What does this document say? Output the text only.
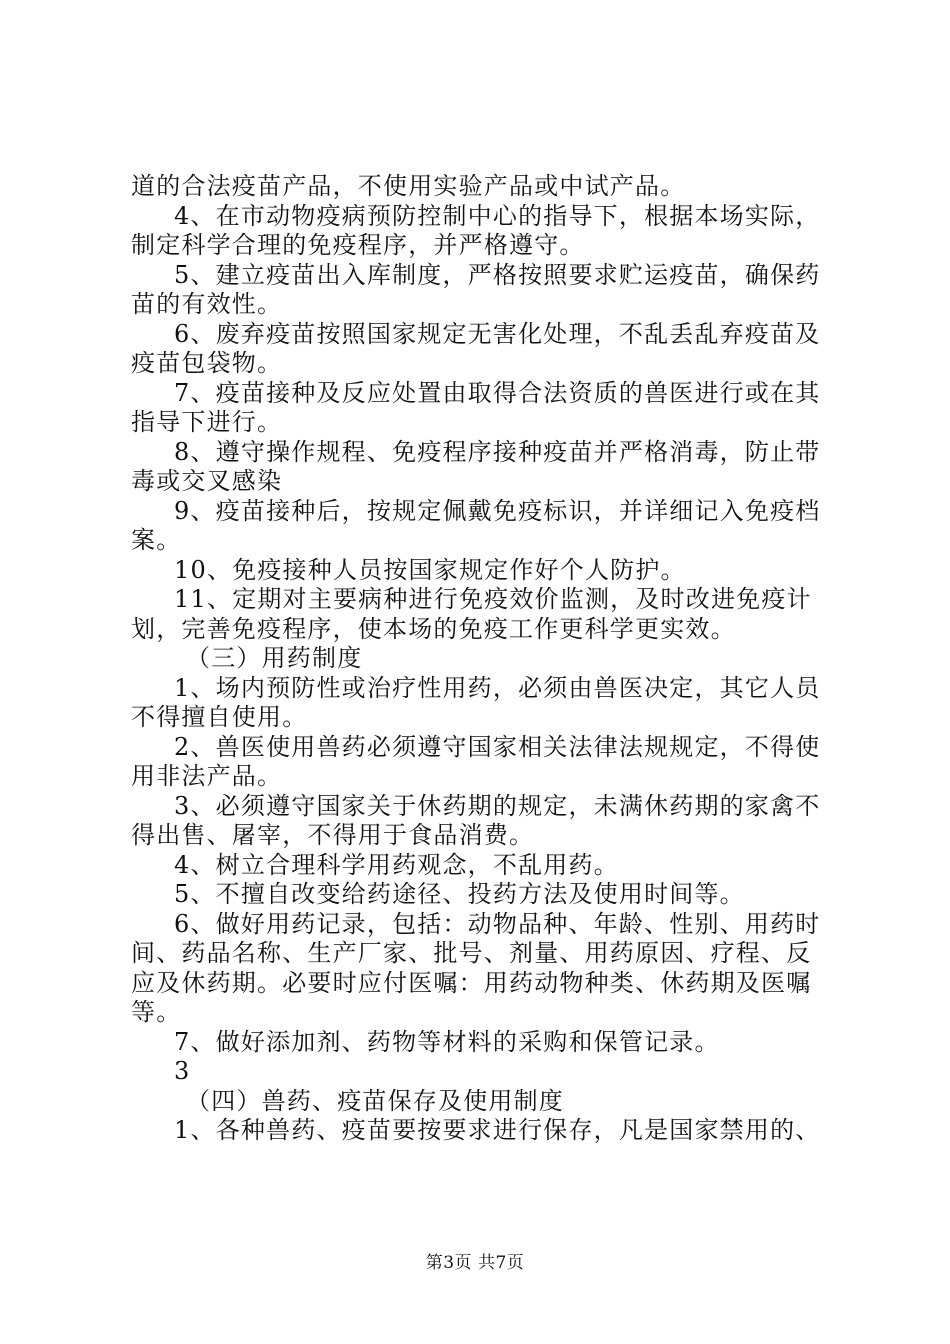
道的合法疫苗产品，不使用实验产品或中试产品。

4、在市动物疫病预防控制中心的指导下，根据本场实际，

制定科学合理的免疫程序，并严格遵守。

5、建立疫苗出入库制度，严格按照要求贮运疫苗，确保药

苗的有效性。

6、废弃疫苗按照国家规定无害化处理，不乱丢乱弃疫苗及

疫苗包袋物。

7、疫苗接种及反应处置由取得合法资质的兽医进行或在其

指导下进行。

8、遵守操作规程、免疫程序接种疫苗并严格消毒，防止带

毒或交叉感染

9、疫苗接种后，按规定佩戴免疫标识，并详细记入免疫档

案。

10、免疫接种人员按国家规定作好个人防护。

11、定期对主要病种进行免疫效价监测，及时改进免疫计

划，完善免疫程序，使本场的免疫工作更科学更实效。

（三）用药制度

1、场内预防性或治疗性用药，必须由兽医决定，其它人员

不得擅自使用。

2、兽医使用兽药必须遵守国家相关法律法规规定，不得使

用非法产品。

3、必须遵守国家关于休药期的规定，未满休药期的家禽不

得出售、屠宰，不得用于食品消费。

4、树立合理科学用药观念，不乱用药。

5、不擅自改变给药途径、投药方法及使用时间等。

6、做好用药记录，包括：动物品种、年龄、性别、用药时

间、药品名称、生产厂家、批号、剂量、用药原因、疗程、反

应及休药期。必要时应付医嘱：用药动物种类、休药期及医嘱

等。

7、做好添加剂、药物等材料的采购和保管记录。

3

（四）兽药、疫苗保存及使用制度

1、各种兽药、疫苗要按要求进行保存，凡是国家禁用的、

第3页 共7页
